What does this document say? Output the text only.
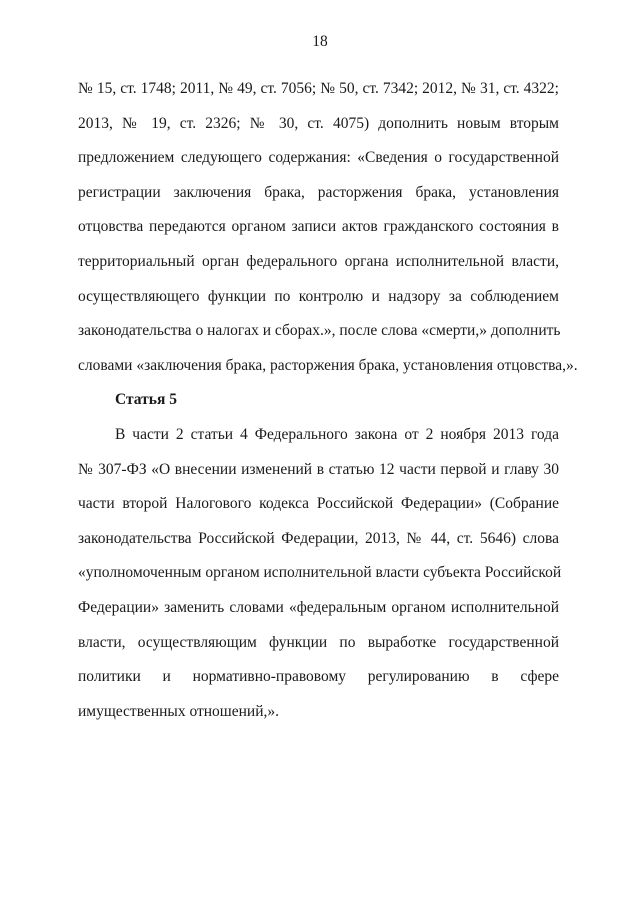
18
№ 15, ст. 1748; 2011, № 49, ст. 7056; № 50, ст. 7342; 2012, № 31, ст. 4322;
2013, № 19, ст. 2326; № 30, ст. 4075) дополнить новым вторым
предложением следующего содержания: «Сведения о государственной
регистрации заключения брака, расторжения брака, установления
отцовства передаются органом записи актов гражданского состояния в
территориальный орган федерального органа исполнительной власти,
осуществляющего функции по контролю и надзору за соблюдением
законодательства о налогах и сборах.», после слова «смерти,» дополнить
словами «заключения брака, расторжения брака, установления отцовства,».
Статья 5
В части 2 статьи 4 Федерального закона от 2 ноября 2013 года
№ 307-ФЗ «О внесении изменений в статью 12 части первой и главу 30
части второй Налогового кодекса Российской Федерации» (Собрание
законодательства Российской Федерации, 2013, № 44, ст. 5646) слова
«уполномоченным органом исполнительной власти субъекта Российской
Федерации» заменить словами «федеральным органом исполнительной
власти, осуществляющим функции по выработке государственной
политики и нормативно-правовому регулированию в сфере
имущественных отношений,».
